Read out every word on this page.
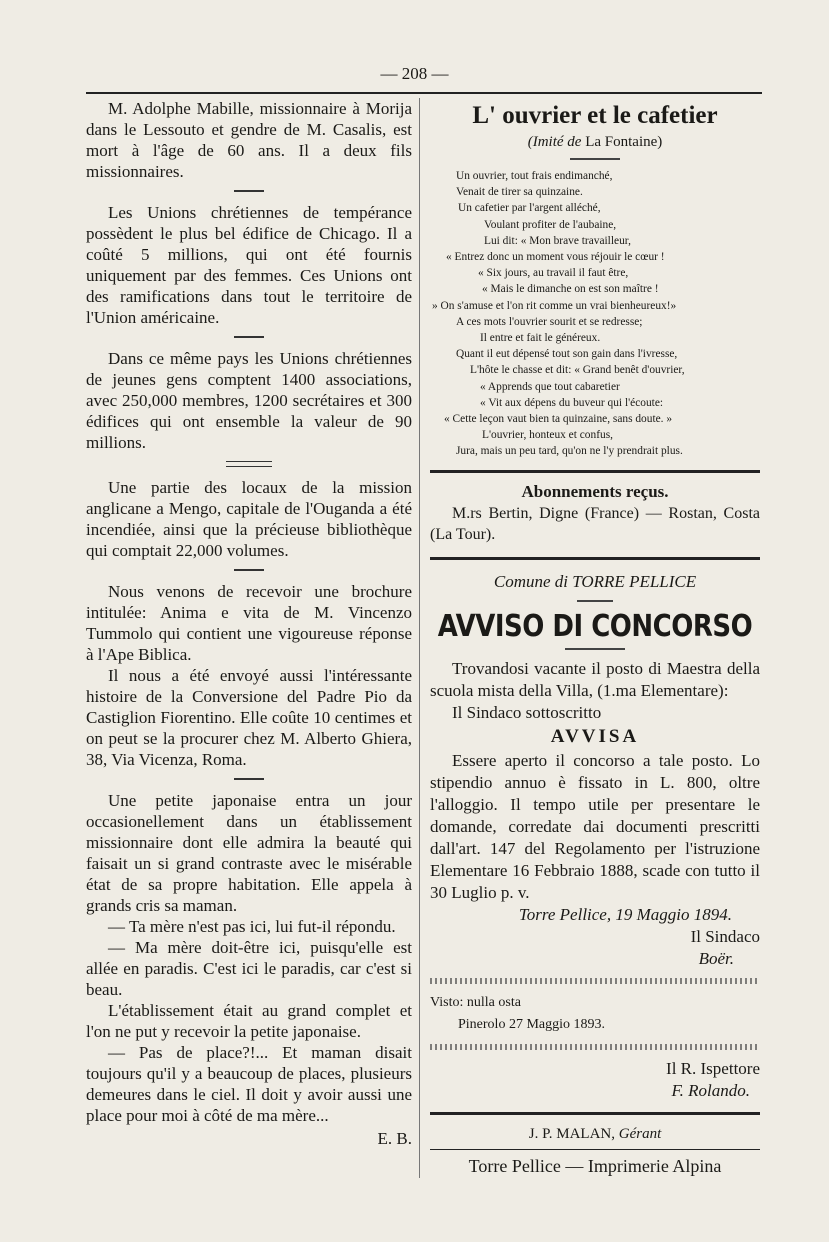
— 208 —

M. Adolphe Mabille, missionnaire à Morija dans le Lessouto et gendre de M. Casalis, est mort à l'âge de 60 ans. Il a deux fils missionnaires.

Les Unions chrétiennes de tempérance possèdent le plus bel édifice de Chicago. Il a coûté 5 millions, qui ont été fournis uniquement par des femmes. Ces Unions ont des ramifications dans tout le territoire de l'Union américaine.

Dans ce même pays les Unions chrétiennes de jeunes gens comptent 1400 associations, avec 250,000 membres, 1200 secrétaires et 300 édifices qui ont ensemble la valeur de 90 millions.

Une partie des locaux de la mission anglicane a Mengo, capitale de l'Ouganda a été incendiée, ainsi que la précieuse bibliothèque qui comptait 22,000 volumes.

Nous venons de recevoir une brochure intitulée: Anima e vita de M. Vincenzo Tummolo qui contient une vigoureuse réponse à l'Ape Biblica.

Il nous a été envoyé aussi l'intéressante histoire de la Conversione del Padre Pio da Castiglion Fiorentino. Elle coûte 10 centimes et on peut se la procurer chez M. Alberto Ghiera, 38, Via Vicenza, Roma.

Une petite japonaise entra un jour occasionellement dans un établissement missionnaire dont elle admira la beauté qui faisait un si grand contraste avec le misérable état de sa propre habitation. Elle appela à grands cris sa maman.

— Ta mère n'est pas ici, lui fut-il répondu.

— Ma mère doit-être ici, puisqu'elle est allée en paradis. C'est ici le paradis, car c'est si beau.

L'établissement était au grand complet et l'on ne put y recevoir la petite japonaise.

— Pas de place?!... Et maman disait toujours qu'il y a beaucoup de places, plusieurs demeures dans le ciel. Il doit y avoir aussi une place pour moi à côté de ma mère...

E. B.
L' ouvrier et le cafetier
(Imité de La Fontaine)
Un ouvrier, tout frais endimanché,
Venait de tirer sa quinzaine.
Un cafetier par l'argent alléché,
Voulant profiter de l'aubaine,
Lui dit: « Mon brave travailleur,
« Entrez donc un moment vous réjouir le cœur !
« Six jours, au travail il faut être,
« Mais le dimanche on est son maître !
» On s'amuse et l'on rit comme un vrai bienheureux!»
A ces mots l'ouvrier sourit et se redresse;
Il entre et fait le généreux.
Quant il eut dépensé tout son gain dans l'ivresse,
L'hôte le chasse et dit: « Grand benêt d'ouvrier,
« Apprends que tout cabaretier
« Vit aux dépens du buveur qui l'écoute:
« Cette leçon vaut bien ta quinzaine, sans doute. »
L'ouvrier, honteux et confus,
Jura, mais un peu tard, qu'on ne l'y prendrait plus.
Abonnements reçus.
M.rs Bertin, Digne (France) — Rostan, Costa (La Tour).
Comune di TORRE PELLICE
AVVISO DI CONCORSO

Trovandosi vacante il posto di Maestra della scuola mista della Villa, (1.ma Elementare):

Il Sindaco sottoscritto

AVVISA

Essere aperto il concorso a tale posto. Lo stipendio annuo è fissato in L. 800, oltre l'alloggio. Il tempo utile per presentare le domande, corredate dai documenti prescritti dall'art. 147 del Regolamento per l'istruzione Elementare 16 Febbraio 1888, scade con tutto il 30 Luglio p. v.

Torre Pellice, 19 Maggio 1894.
Il Sindaco
Boër.
Visto: nulla osta
Pinerolo 27 Maggio 1893.
Il R. Ispettore
F. Rolando.
J. P. MALAN, Gérant
Torre Pellice — Imprimerie Alpina
